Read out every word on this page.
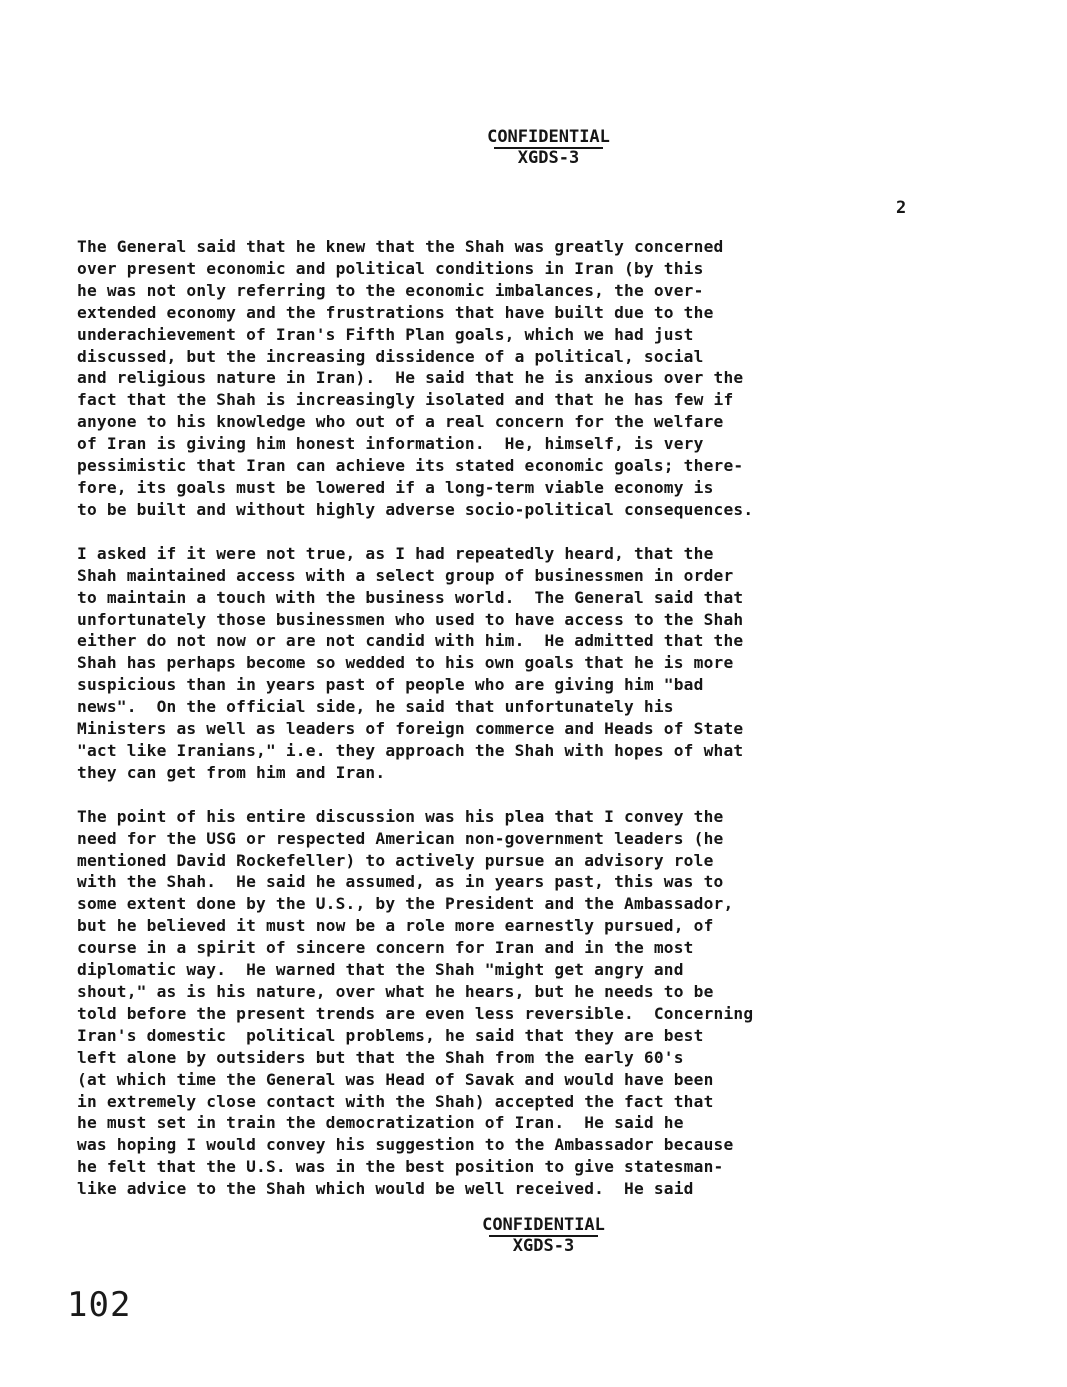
CONFIDENTIAL
XGDS-3
2
The General said that he knew that the Shah was greatly concerned
over present economic and political conditions in Iran (by this
he was not only referring to the economic imbalances, the over-
extended economy and the frustrations that have built due to the
underachievement of Iran's Fifth Plan goals, which we had just
discussed, but the increasing dissidence of a political, social
and religious nature in Iran).  He said that he is anxious over the
fact that the Shah is increasingly isolated and that he has few if
anyone to his knowledge who out of a real concern for the welfare
of Iran is giving him honest information.  He, himself, is very
pessimistic that Iran can achieve its stated economic goals; there-
fore, its goals must be lowered if a long-term viable economy is
to be built and without highly adverse socio-political consequences.
I asked if it were not true, as I had repeatedly heard, that the
Shah maintained access with a select group of businessmen in order
to maintain a touch with the business world.  The General said that
unfortunately those businessmen who used to have access to the Shah
either do not now or are not candid with him.  He admitted that the
Shah has perhaps become so wedded to his own goals that he is more
suspicious than in years past of people who are giving him "bad
news".  On the official side, he said that unfortunately his
Ministers as well as leaders of foreign commerce and Heads of State
"act like Iranians," i.e. they approach the Shah with hopes of what
they can get from him and Iran.
The point of his entire discussion was his plea that I convey the
need for the USG or respected American non-government leaders (he
mentioned David Rockefeller) to actively pursue an advisory role
with the Shah.  He said he assumed, as in years past, this was to
some extent done by the U.S., by the President and the Ambassador,
but he believed it must now be a role more earnestly pursued, of
course in a spirit of sincere concern for Iran and in the most
diplomatic way.  He warned that the Shah "might get angry and
shout," as is his nature, over what he hears, but he needs to be
told before the present trends are even less reversible.  Concerning
Iran's domestic  political problems, he said that they are best
left alone by outsiders but that the Shah from the early 60's
(at which time the General was Head of Savak and would have been
in extremely close contact with the Shah) accepted the fact that
he must set in train the democratization of Iran.  He said he
was hoping I would convey his suggestion to the Ambassador because
he felt that the U.S. was in the best position to give statesman-
like advice to the Shah which would be well received.  He said
CONFIDENTIAL
XGDS-3
102
